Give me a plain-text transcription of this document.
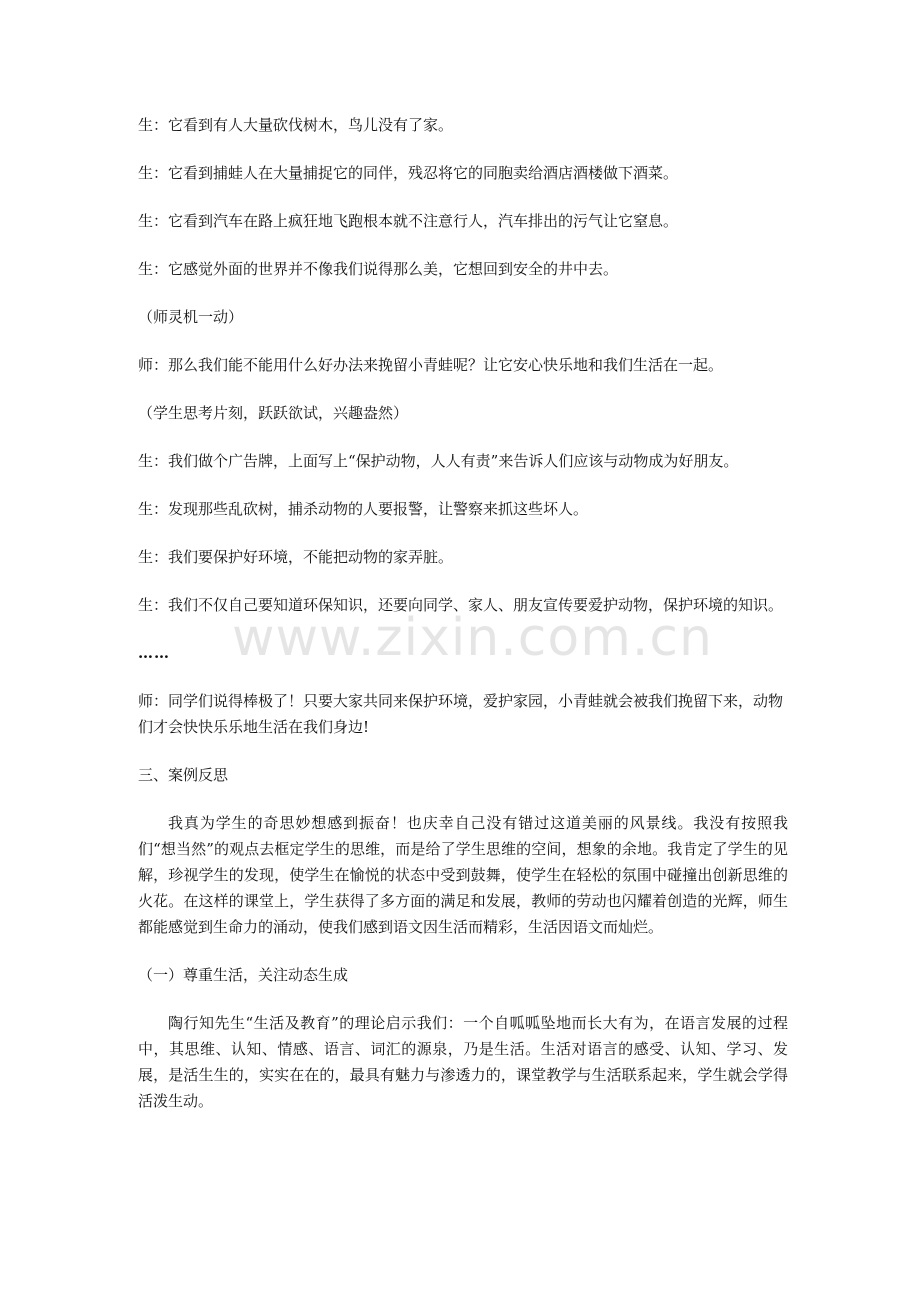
生：它看到有人大量砍伐树木，鸟儿没有了家。

生：它看到捕蛙人在大量捕捉它的同伴，残忍将它的同胞卖给酒店酒楼做下酒菜。

生：它看到汽车在路上疯狂地飞跑根本就不注意行人，汽车排出的污气让它窒息。

生：它感觉外面的世界并不像我们说得那么美，它想回到安全的井中去。

（师灵机一动）

师：那么我们能不能用什么好办法来挽留小青蛙呢？让它安心快乐地和我们生活在一起。

（学生思考片刻，跃跃欲试，兴趣盎然）

生：我们做个广告牌，上面写上“保护动物，人人有责”来告诉人们应该与动物成为好朋友。

生：发现那些乱砍树，捕杀动物的人要报警，让警察来抓这些坏人。

生：我们要保护好环境，不能把动物的家弄脏。

生：我们不仅自己要知道环保知识，还要向同学、家人、朋友宣传要爱护动物，保护环境的知识。

……

师：同学们说得棒极了！只要大家共同来保护环境，爱护家园，小青蛙就会被我们挽留下来，动物们才会快快乐乐地生活在我们身边!

三、案例反思

我真为学生的奇思妙想感到振奋！也庆幸自己没有错过这道美丽的风景线。我没有按照我们“想当然”的观点去框定学生的思维，而是给了学生思维的空间，想象的余地。我肯定了学生的见解，珍视学生的发现，使学生在愉悦的状态中受到鼓舞，使学生在轻松的氛围中碰撞出创新思维的火花。在这样的课堂上，学生获得了多方面的满足和发展，教师的劳动也闪耀着创造的光辉，师生都能感觉到生命力的涌动，使我们感到语文因生活而精彩，生活因语文而灿烂。

（一）尊重生活，关注动态生成

陶行知先生“生活及教育”的理论启示我们：一个自呱呱坠地而长大有为，在语言发展的过程中，其思维、认知、情感、语言、词汇的源泉，乃是生活。生活对语言的感受、认知、学习、发展，是活生生的，实实在在的，最具有魅力与渗透力的，课堂教学与生活联系起来，学生就会学得活泼生动。

www.zixin.com.cn
